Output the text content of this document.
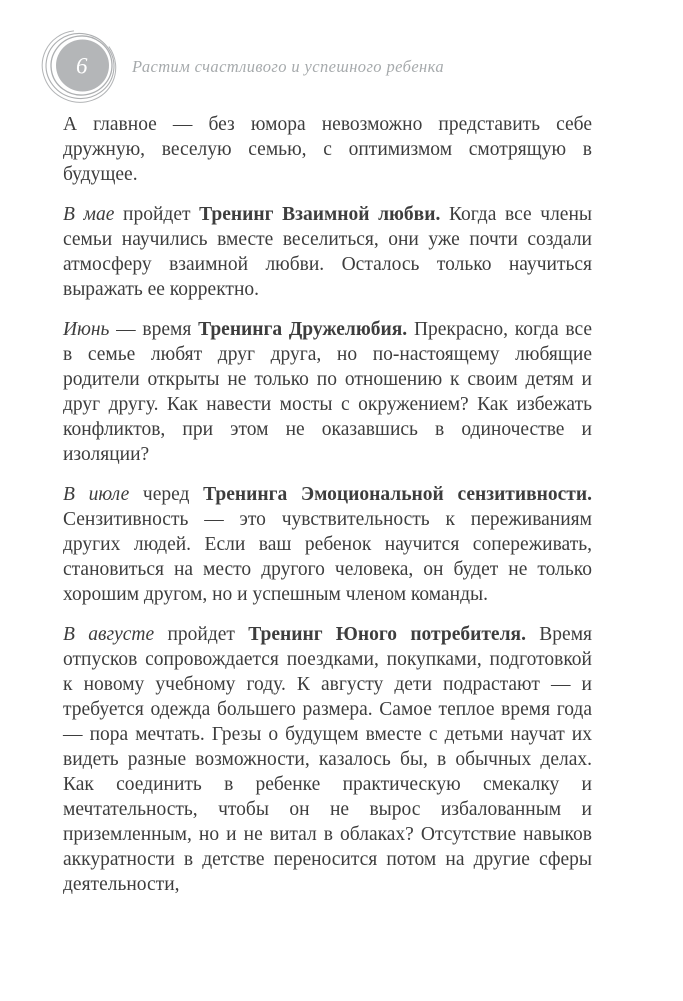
6	Растим счастливого и успешного ребенка

А главное — без юмора невозможно представить себе дружную, веселую семью, с оптимизмом смотрящую в будущее.

В мае пройдет Тренинг Взаимной любви. Когда все члены семьи научились вместе веселиться, они уже почти создали атмосферу взаимной любви. Осталось только научиться выражать ее корректно.

Июнь — время Тренинга Дружелюбия. Прекрасно, когда все в семье любят друг друга, но по-настоящему любящие родители открыты не только по отношению к своим детям и друг другу. Как навести мосты с окружением? Как избежать конфликтов, при этом не оказавшись в одиночестве и изоляции?

В июле черед Тренинга Эмоциональной сензитивности. Сензитивность — это чувствительность к переживаниям других людей. Если ваш ребенок научится сопереживать, становиться на место другого человека, он будет не только хорошим другом, но и успешным членом команды.

В августе пройдет Тренинг Юного потребителя. Время отпусков сопровождается поездками, покупками, подготовкой к новому учебному году. К августу дети подрастают — и требуется одежда большего размера. Самое теплое время года — пора мечтать. Грезы о будущем вместе с детьми научат их видеть разные возможности, казалось бы, в обычных делах. Как соединить в ребенке практическую смекалку и мечтательность, чтобы он не вырос избалованным и приземленным, но и не витал в облаках? Отсутствие навыков аккуратности в детстве переносится потом на другие сферы деятельности,
